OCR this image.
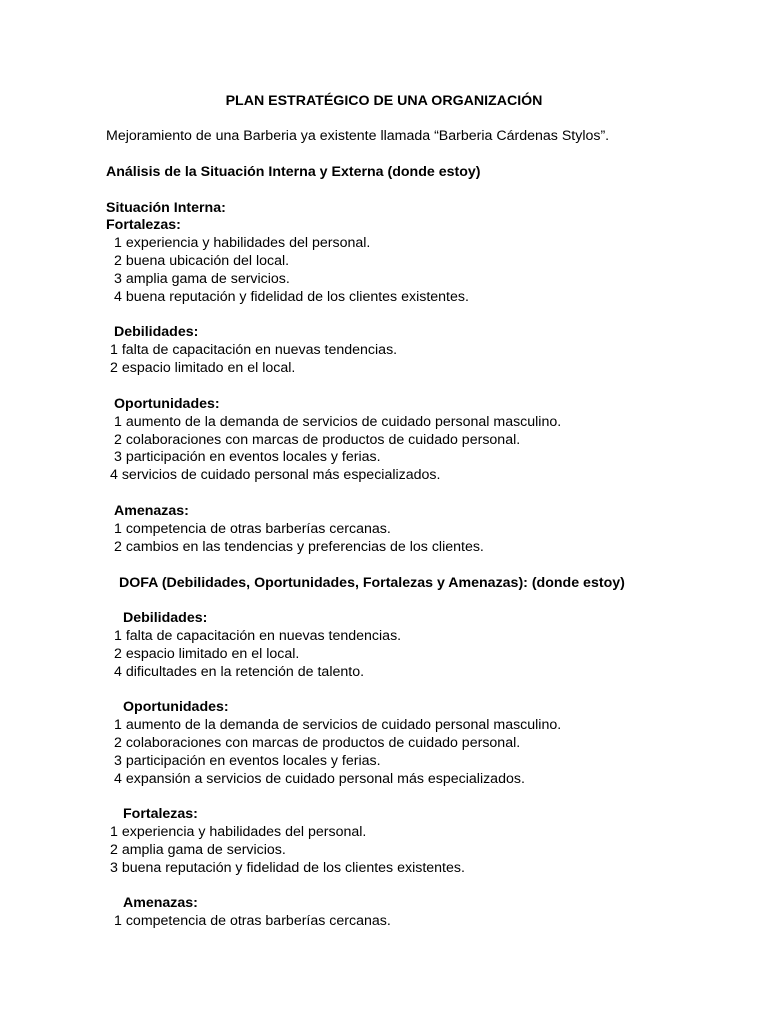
PLAN ESTRATÉGICO DE UNA ORGANIZACIÓN
Mejoramiento de una Barberia ya existente llamada “Barberia Cárdenas Stylos”.
Análisis de la Situación Interna y Externa (donde estoy)
Situación Interna:
Fortalezas:
1 experiencia y habilidades del personal.
2 buena ubicación del local.
3 amplia gama de servicios.
4 buena reputación y fidelidad de los clientes existentes.
Debilidades:
1 falta de capacitación en nuevas tendencias.
2 espacio limitado en el local.
Oportunidades:
1 aumento de la demanda de servicios de cuidado personal masculino.
2 colaboraciones con marcas de productos de cuidado personal.
3 participación en eventos locales y ferias.
4 servicios de cuidado personal más especializados.
Amenazas:
1 competencia de otras barberías cercanas.
2 cambios en las tendencias y preferencias de los clientes.
DOFA (Debilidades, Oportunidades, Fortalezas y Amenazas): (donde estoy)
Debilidades:
1 falta de capacitación en nuevas tendencias.
2 espacio limitado en el local.
4 dificultades en la retención de talento.
Oportunidades:
1 aumento de la demanda de servicios de cuidado personal masculino.
2 colaboraciones con marcas de productos de cuidado personal.
3 participación en eventos locales y ferias.
4 expansión a servicios de cuidado personal más especializados.
Fortalezas:
1 experiencia y habilidades del personal.
2 amplia gama de servicios.
3 buena reputación y fidelidad de los clientes existentes.
Amenazas:
1 competencia de otras barberías cercanas.
